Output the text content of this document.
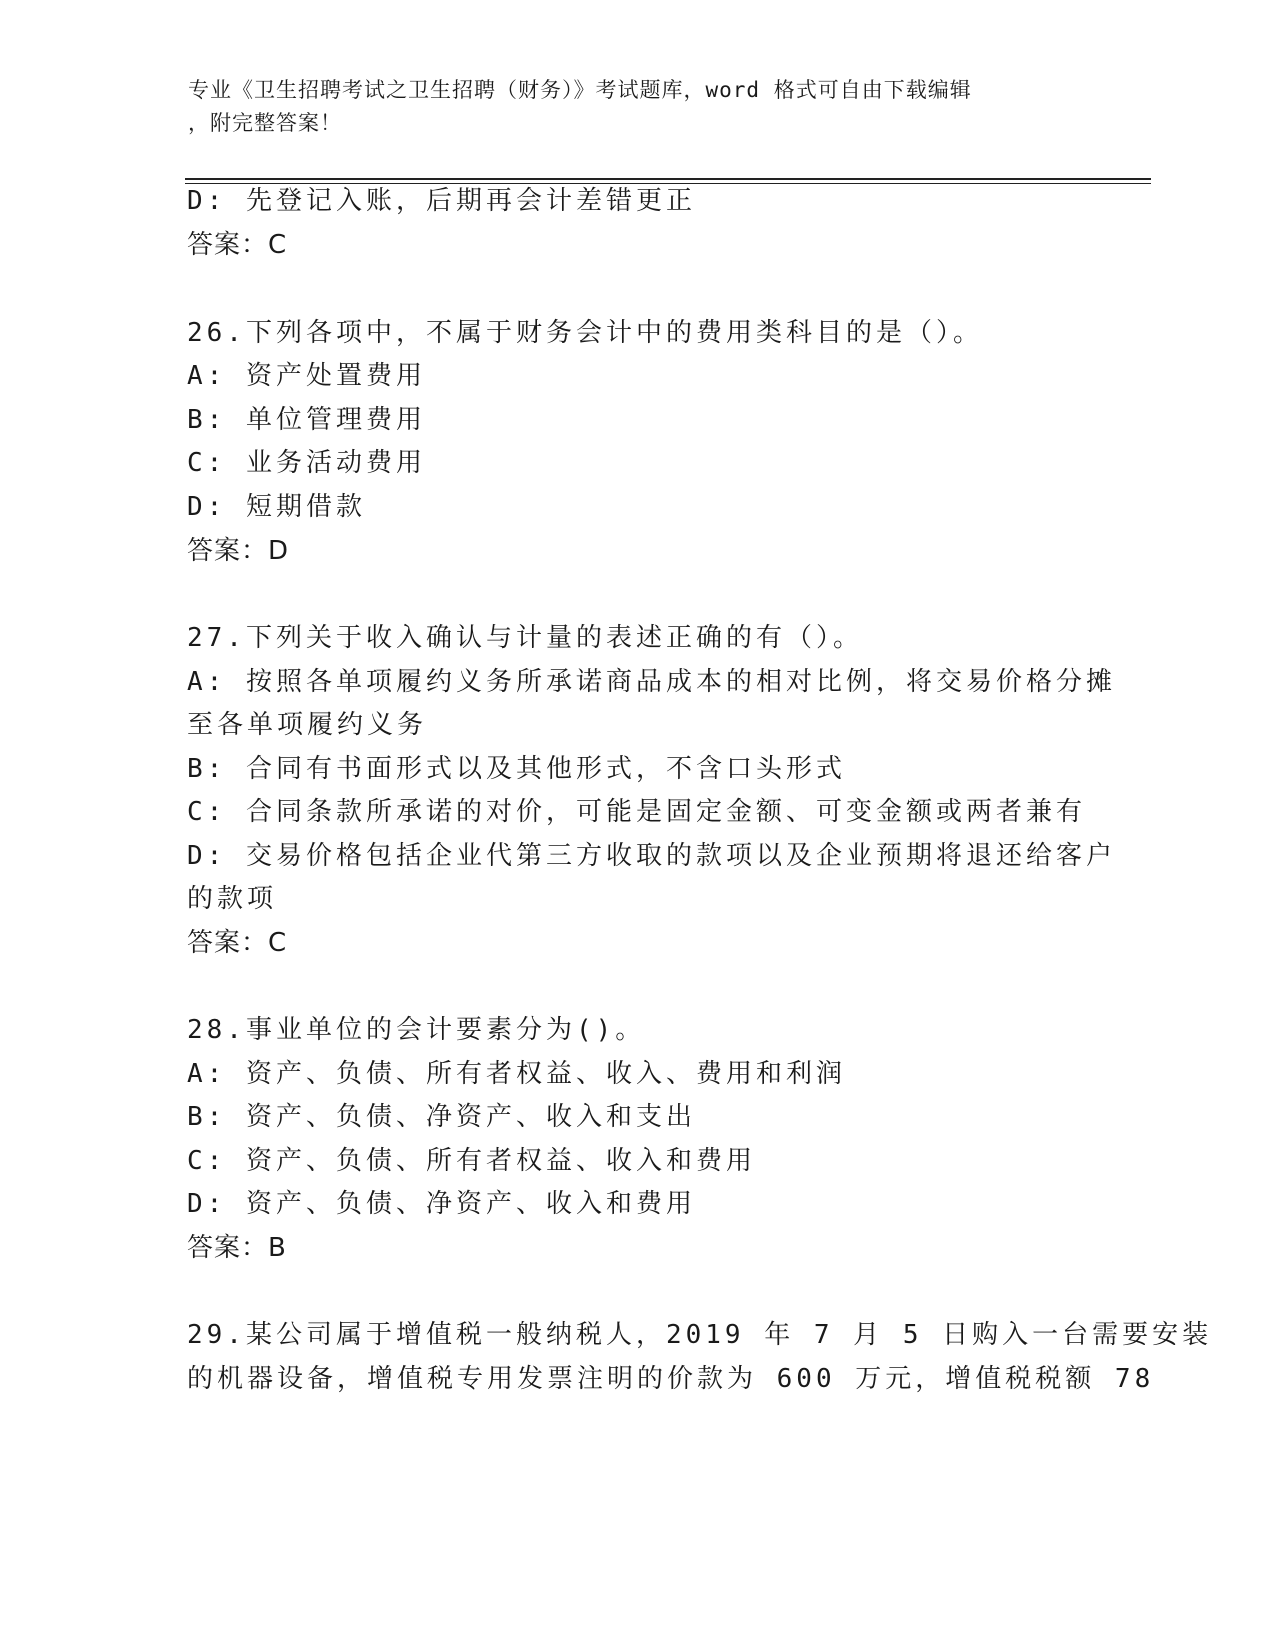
专业《卫生招聘考试之卫生招聘（财务）》考试题库，word 格式可自由下载编辑
，附完整答案！
D: 先登记入账，后期再会计差错更正
答案：C
26.下列各项中，不属于财务会计中的费用类科目的是（）。
A: 资产处置费用
B: 单位管理费用
C: 业务活动费用
D: 短期借款
答案：D
27.下列关于收入确认与计量的表述正确的有（）。
A: 按照各单项履约义务所承诺商品成本的相对比例，将交易价格分摊
至各单项履约义务
B: 合同有书面形式以及其他形式，不含口头形式
C: 合同条款所承诺的对价，可能是固定金额、可变金额或两者兼有
D: 交易价格包括企业代第三方收取的款项以及企业预期将退还给客户
的款项
答案：C
28.事业单位的会计要素分为()。
A: 资产、负债、所有者权益、收入、费用和利润
B: 资产、负债、净资产、收入和支出
C: 资产、负债、所有者权益、收入和费用
D: 资产、负债、净资产、收入和费用
答案：B
29.某公司属于增值税一般纳税人，2019 年 7 月 5 日购入一台需要安装
的机器设备，增值税专用发票注明的价款为 600 万元，增值税税额 78
